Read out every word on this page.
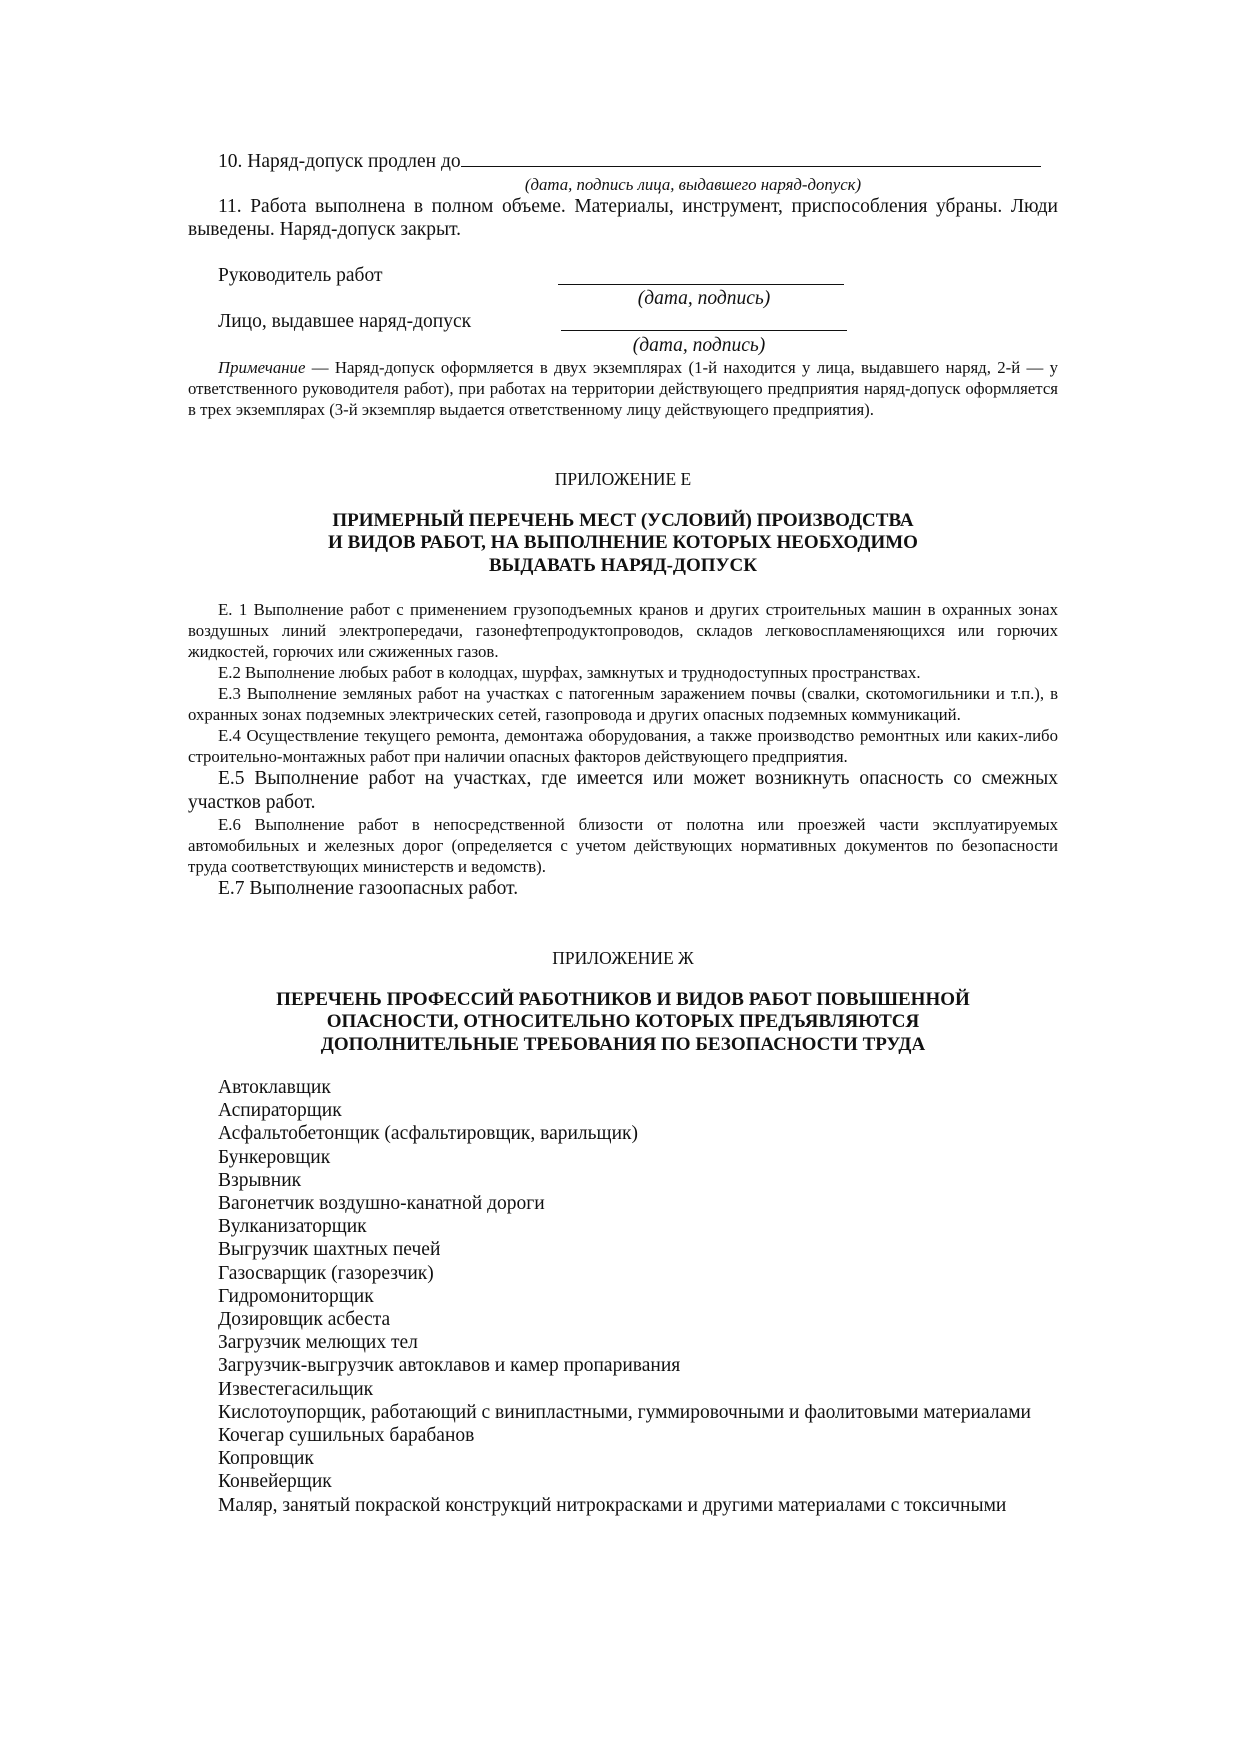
10. Наряд-допуск продлен до

(дата, подпись лица, выдавшего наряд-допуск)

11. Работа выполнена в полном объеме. Материалы, инструмент, приспособления убраны. Люди выведены. Наряд-допуск закрыт.

Руководитель работ
(дата, подпись)
Лицо, выдавшее наряд-допуск
(дата, подпись)

Примечание — Наряд-допуск оформляется в двух экземплярах (1-й находится у лица, выдавшего наряд, 2-й — у ответственного руководителя работ), при работах на территории действующего предприятия наряд-допуск оформляется в трех экземплярах (3-й экземпляр выдается ответственному лицу действующего предприятия).

ПРИЛОЖЕНИЕ Е

ПРИМЕРНЫЙ ПЕРЕЧЕНЬ МЕСТ (УСЛОВИЙ) ПРОИЗВОДСТВА

И ВИДОВ РАБОТ, НА ВЫПОЛНЕНИЕ КОТОРЫХ НЕОБХОДИМО

ВЫДАВАТЬ НАРЯД-ДОПУСК

Е. 1 Выполнение работ с применением грузоподъемных кранов и других строительных машин в охранных зонах воздушных линий электропередачи, газонефтепродуктопроводов, складов легковоспламеняющихся или горючих жидкостей, горючих или сжиженных газов.

Е.2 Выполнение любых работ в колодцах, шурфах, замкнутых и труднодоступных пространствах.

Е.3 Выполнение земляных работ на участках с патогенным заражением почвы (свалки, скотомогильники и т.п.), в охранных зонах подземных электрических сетей, газопровода и других опасных подземных коммуникаций.

Е.4 Осуществление текущего ремонта, демонтажа оборудования, а также производство ремонтных или каких-либо строительно-монтажных работ при наличии опасных факторов действующего предприятия.

Е.5 Выполнение работ на участках, где имеется или может возникнуть опасность со смежных участков работ.

Е.6 Выполнение работ в непосредственной близости от полотна или проезжей части эксплуатируемых автомобильных и железных дорог (определяется с учетом действующих нормативных документов по безопасности труда соответствующих министерств и ведомств).

Е.7 Выполнение газоопасных работ.

ПРИЛОЖЕНИЕ Ж

ПЕРЕЧЕНЬ ПРОФЕССИЙ РАБОТНИКОВ И ВИДОВ РАБОТ ПОВЫШЕННОЙ

ОПАСНОСТИ, ОТНОСИТЕЛЬНО КОТОРЫХ ПРЕДЪЯВЛЯЮТСЯ

ДОПОЛНИТЕЛЬНЫЕ ТРЕБОВАНИЯ ПО БЕЗОПАСНОСТИ ТРУДА

Автоклавщик

Аспираторщик

Асфальтобетонщик (асфальтировщик, варильщик)

Бункеровщик

Взрывник

Вагонетчик воздушно-канатной дороги

Вулканизаторщик

Выгрузчик шахтных печей

Газосварщик (газорезчик)

Гидромониторщик

Дозировщик асбеста

Загрузчик мелющих тел

Загрузчик-выгрузчик автоклавов и камер пропаривания

Известегасильщик

Кислотоупорщик, работающий с винипластными, гуммировочными и фаолитовыми материалами

Кочегар сушильных барабанов

Копровщик

Конвейерщик

Маляр, занятый покраской конструкций нитрокрасками и другими материалами с токсичными
